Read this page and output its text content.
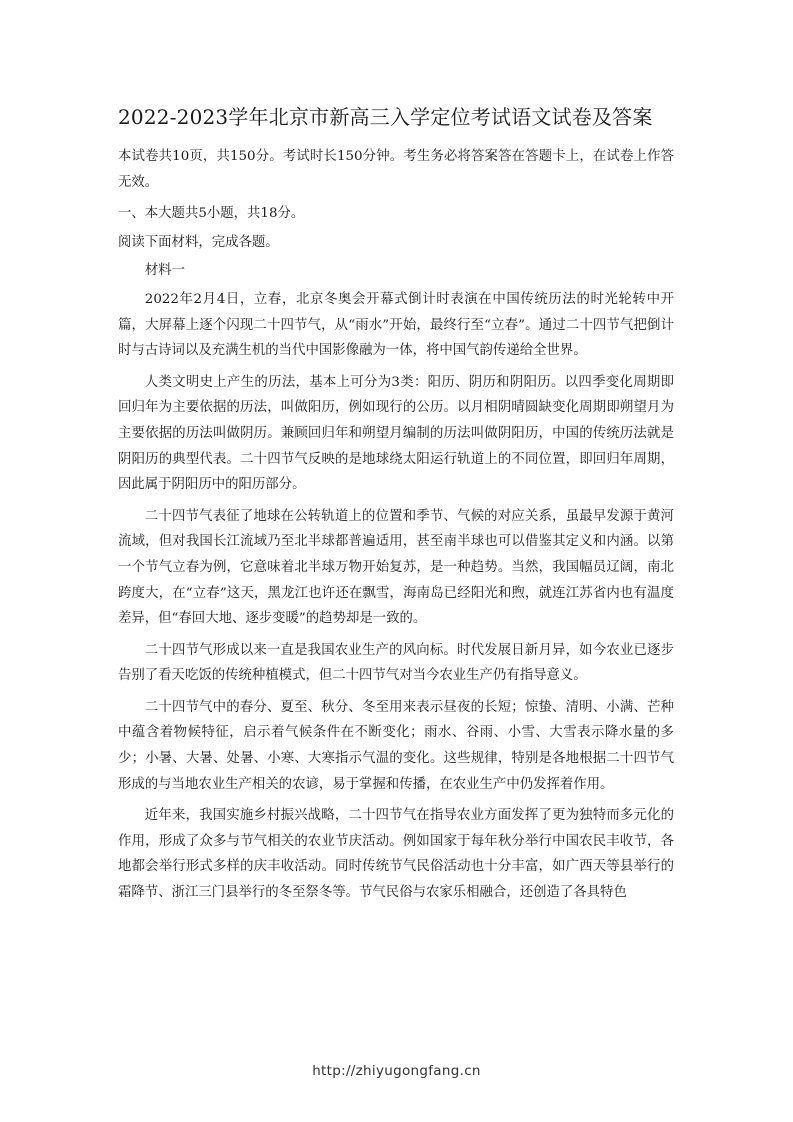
2022-2023学年北京市新高三入学定位考试语文试卷及答案

本试卷共10页，共150分。考试时长150分钟。考生务必将答案答在答题卡上，在试卷上作答无效。

一、本大题共5小题，共18分。

阅读下面材料，完成各题。

材料一

2022年2月4日，立春，北京冬奥会开幕式倒计时表演在中国传统历法的时光轮转中开篇，大屏幕上逐个闪现二十四节气，从“雨水”开始，最终行至“立春”。通过二十四节气把倒计时与古诗词以及充满生机的当代中国影像融为一体，将中国气韵传递给全世界。

人类文明史上产生的历法，基本上可分为3类：阳历、阴历和阴阳历。以四季变化周期即回归年为主要依据的历法，叫做阳历，例如现行的公历。以月相阴晴圆缺变化周期即朔望月为主要依据的历法叫做阴历。兼顾回归年和朔望月编制的历法叫做阴阳历，中国的传统历法就是阴阳历的典型代表。二十四节气反映的是地球绕太阳运行轨道上的不同位置，即回归年周期，因此属于阴阳历中的阳历部分。

二十四节气表征了地球在公转轨道上的位置和季节、气候的对应关系，虽最早发源于黄河流域，但对我国长江流域乃至北半球都普遍适用，甚至南半球也可以借鉴其定义和内涵。以第一个节气立春为例，它意味着北半球万物开始复苏，是一种趋势。当然，我国幅员辽阔，南北跨度大，在“立春”这天，黑龙江也许还在飘雪，海南岛已经阳光和煦，就连江苏省内也有温度差异，但“春回大地、逐步变暖”的趋势却是一致的。

二十四节气形成以来一直是我国农业生产的风向标。时代发展日新月异，如今农业已逐步告别了看天吃饭的传统种植模式，但二十四节气对当今农业生产仍有指导意义。

二十四节气中的春分、夏至、秋分、冬至用来表示昼夜的长短；惊蛰、清明、小满、芒种中蕴含着物候特征，启示着气候条件在不断变化；雨水、谷雨、小雪、大雪表示降水量的多少；小暑、大暑、处暑、小寒、大寒指示气温的变化。这些规律，特别是各地根据二十四节气形成的与当地农业生产相关的农谚，易于掌握和传播，在农业生产中仍发挥着作用。

近年来，我国实施乡村振兴战略，二十四节气在指导农业方面发挥了更为独特而多元化的作用，形成了众多与节气相关的农业节庆活动。例如国家于每年秋分举行中国农民丰收节，各地都会举行形式多样的庆丰收活动。同时传统节气民俗活动也十分丰富，如广西天等县举行的霜降节、浙江三门县举行的冬至祭冬等。节气民俗与农家乐相融合，还创造了各具特色

http://zhiyugongfang.cn
